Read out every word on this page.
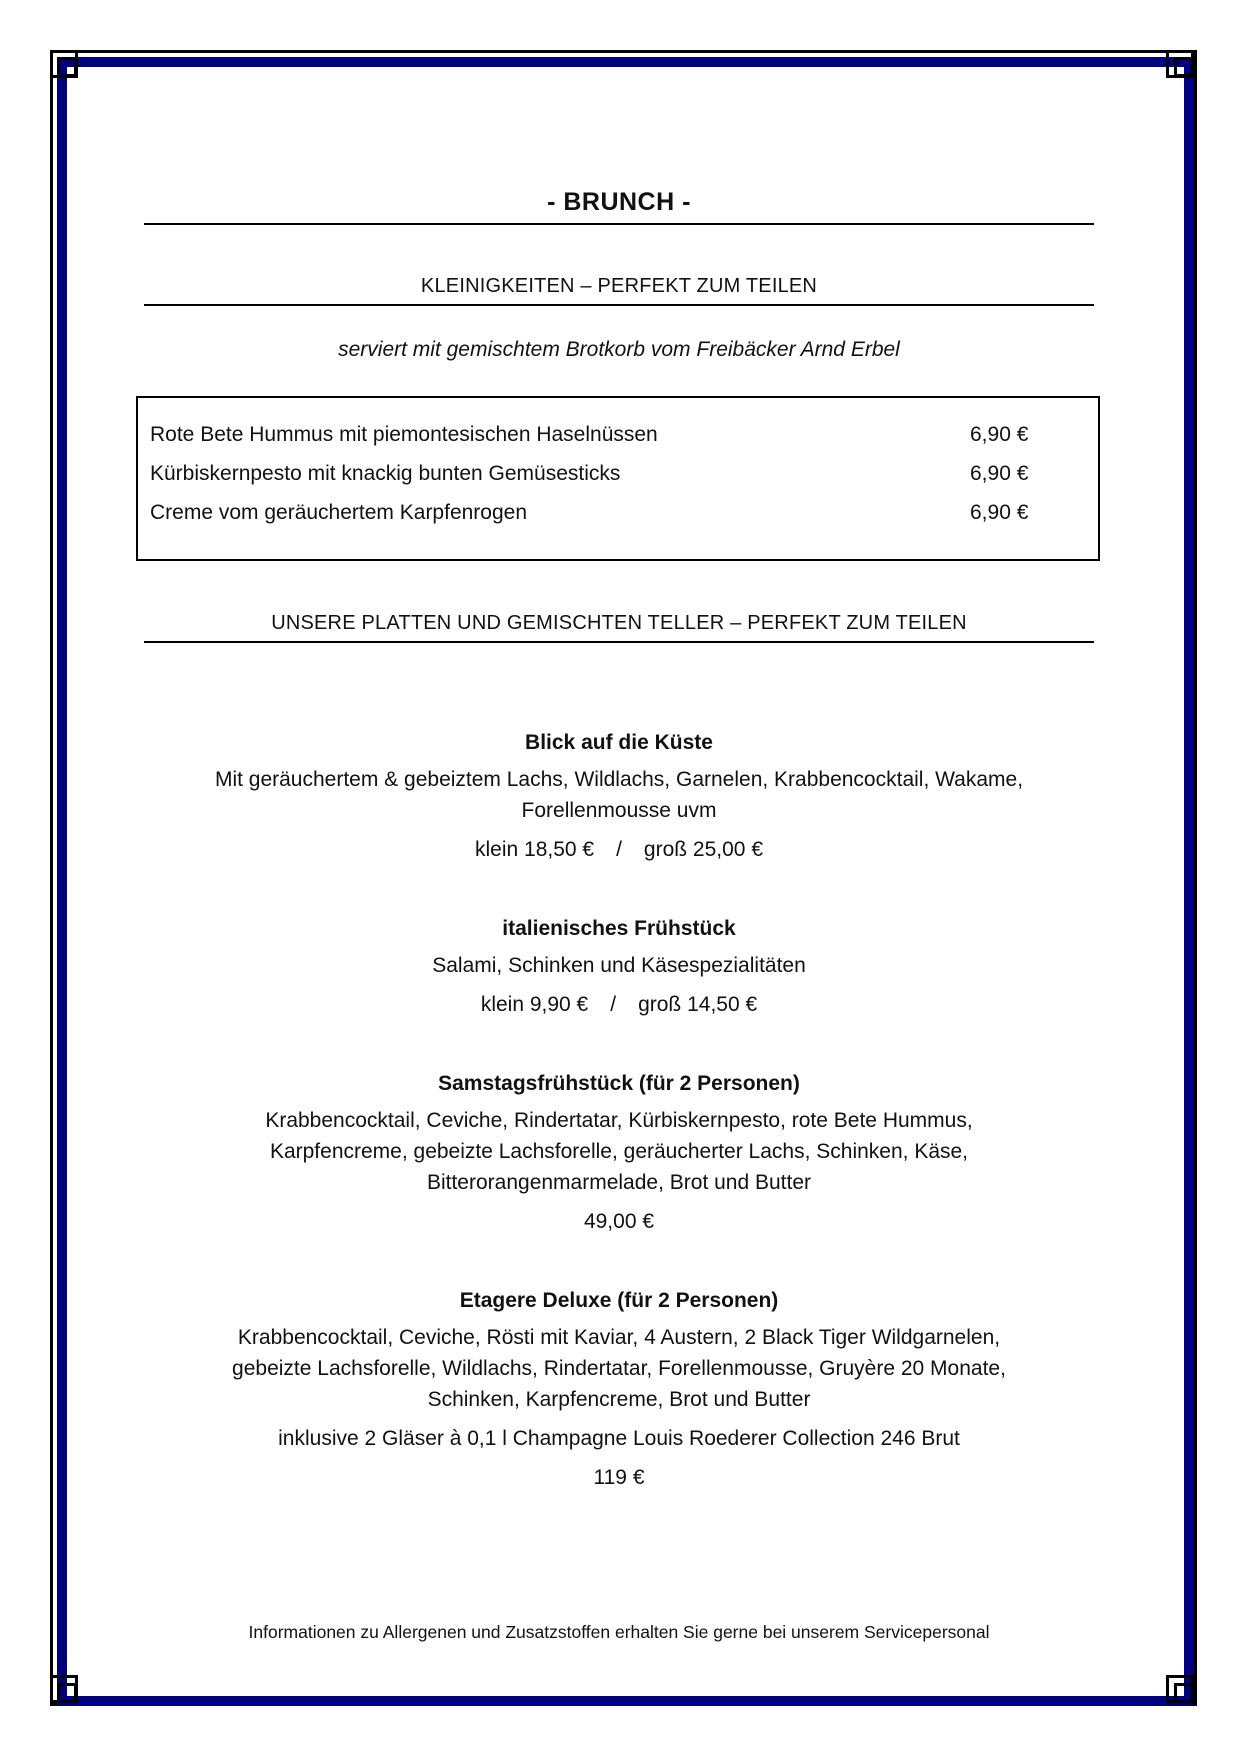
- BRUNCH -
KLEINIGKEITEN – PERFEKT ZUM TEILEN
serviert mit gemischtem Brotkorb vom Freibäcker Arnd Erbel
Rote Bete Hummus mit piemontesischen Haselnüssen	6,90 €
Kürbiskernpesto mit knackig bunten Gemüsesticks	6,90 €
Creme vom geräuchertem Karpfenrogen	6,90 €
UNSERE PLATTEN UND GEMISCHTEN TELLER – PERFEKT ZUM TEILEN
Blick auf die Küste
Mit geräuchertem & gebeiztem Lachs, Wildlachs, Garnelen, Krabbencocktail, Wakame,
Forellenmousse uvm
klein 18,50 € / groß 25,00 €
italienisches Frühstück
Salami, Schinken und Käsespezialitäten
klein 9,90 € / groß 14,50 €
Samstagsfrühstück (für 2 Personen)
Krabbencocktail, Ceviche, Rindertatar, Kürbiskernpesto, rote Bete Hummus,
Karpfencreme, gebeizte Lachsforelle, geräucherter Lachs, Schinken, Käse,
Bitterorangenmarmelade, Brot und Butter
49,00 €
Etagere Deluxe (für 2 Personen)
Krabbencocktail, Ceviche, Rösti mit Kaviar, 4 Austern, 2 Black Tiger Wildgarnelen,
gebeizte Lachsforelle, Wildlachs, Rindertatar, Forellenmousse, Gruyère 20 Monate,
Schinken, Karpfencreme, Brot und Butter
inklusive 2 Gläser à 0,1 l Champagne Louis Roederer Collection 246 Brut
119 €
Informationen zu Allergenen und Zusatzstoffen erhalten Sie gerne bei unserem Servicepersonal
